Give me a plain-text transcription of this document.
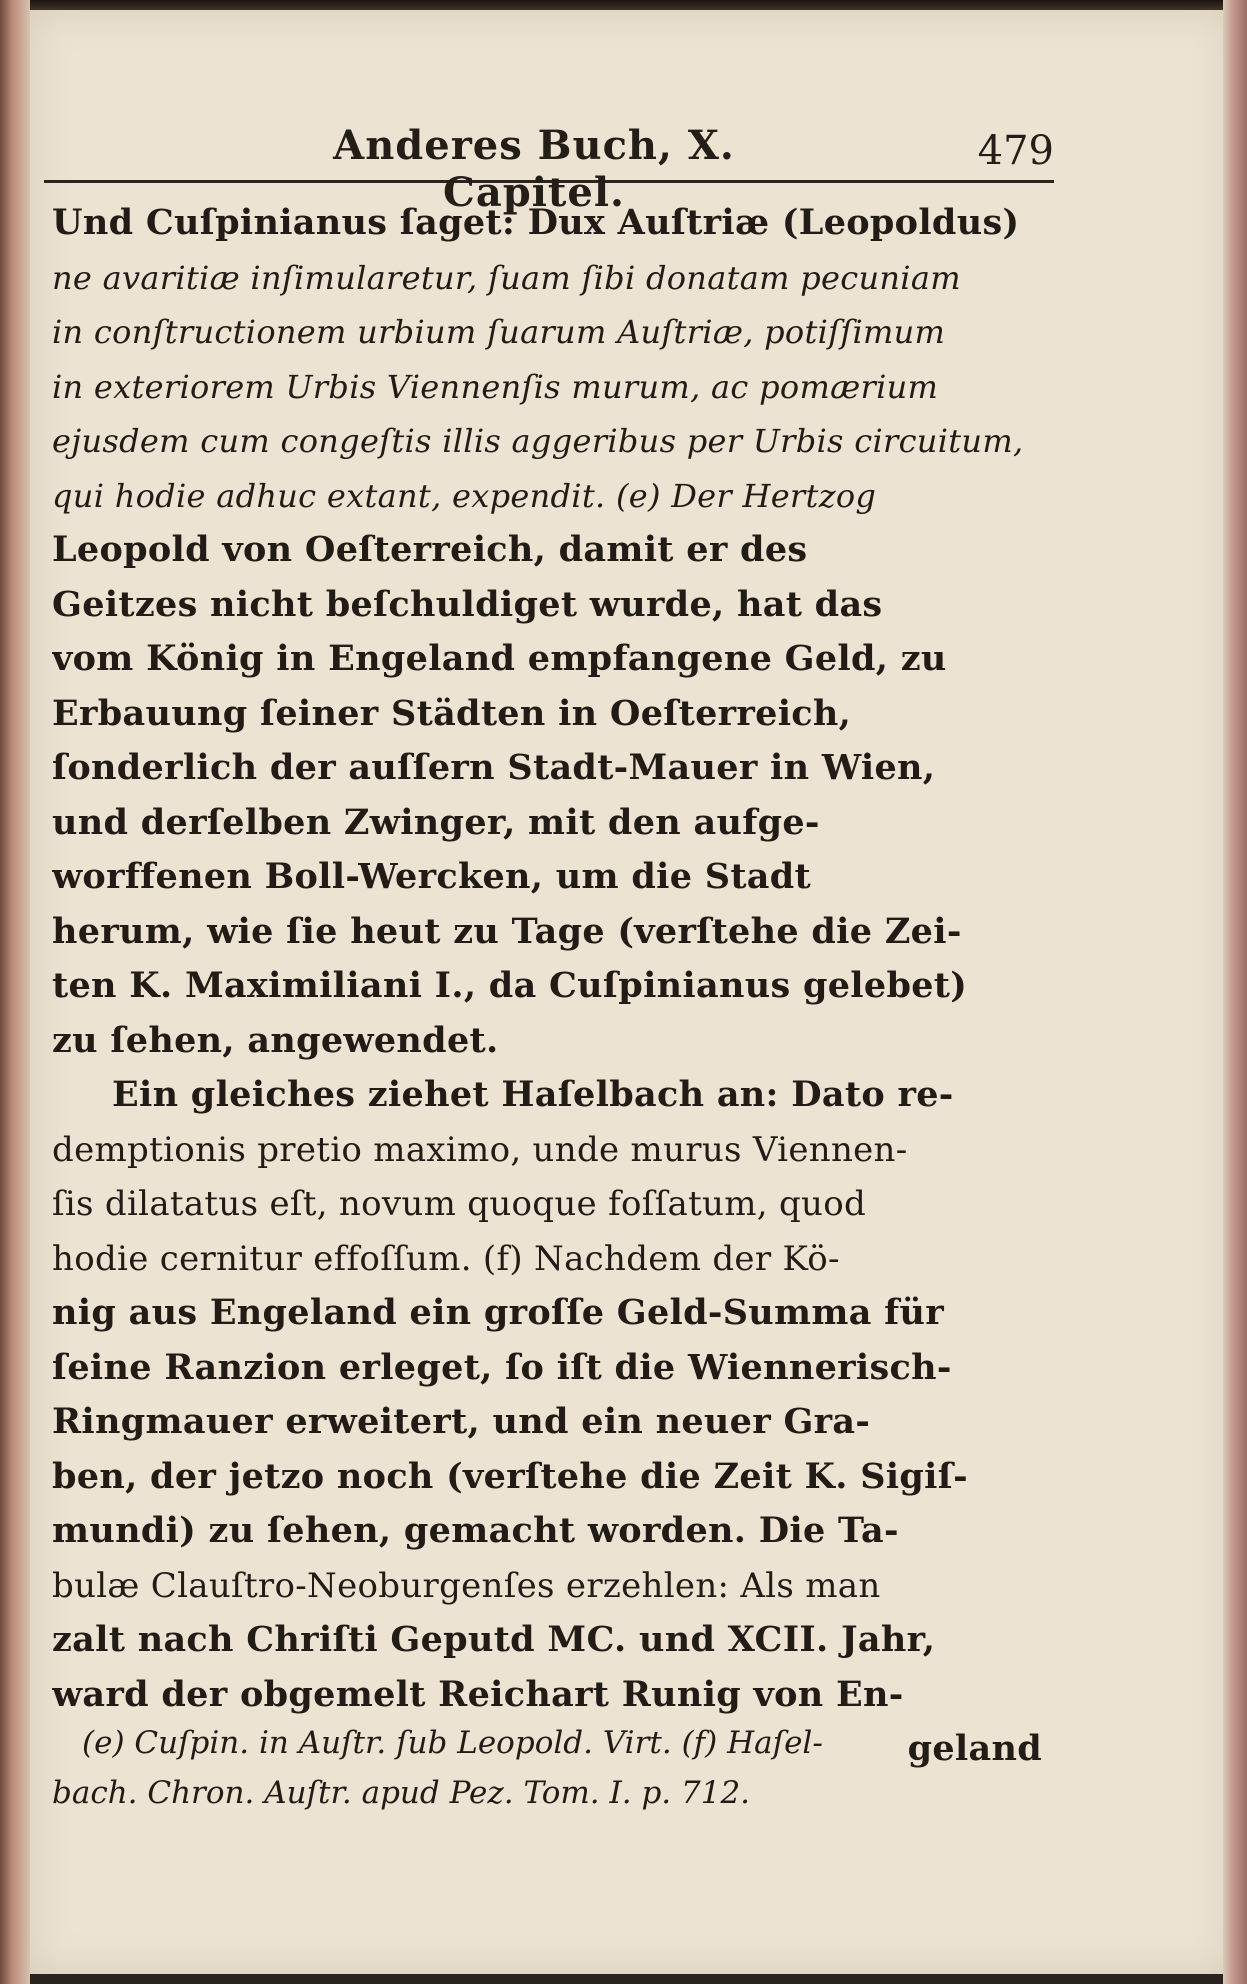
Anderes Buch, X. Capitel.
479
Und Cuſpinianus ſaget: Dux Auſtriæ (Leopoldus)
ne avaritiæ inſimularetur, ſuam ſibi donatam pecuniam
in conſtructionem urbium ſuarum Auſtriæ, potiſſimum
in exteriorem Urbis Viennenſis murum, ac pomærium
ejusdem cum congeſtis illis aggeribus per Urbis circuitum,
qui hodie adhuc extant, expendit. (e) Der Hertzog
Leopold von Oeſterreich, damit er des
Geitzes nicht beſchuldiget wurde, hat das
vom König in Engeland empfangene Geld, zu
Erbauung ſeiner Städten in Oeſterreich,
ſonderlich der auſſern Stadt-Mauer in Wien,
und derſelben Zwinger, mit den aufge-
worffenen Boll-Wercken, um die Stadt
herum, wie ſie heut zu Tage (verſtehe die Zei-
ten K. Maximiliani I., da Cuſpinianus gelebet)
zu ſehen, angewendet.
Ein gleiches ziehet Haſelbach an: Dato re-
demptionis pretio maximo, unde murus Viennen-
ſis dilatatus eſt, novum quoque foſſatum, quod
hodie cernitur effoſſum. (f) Nachdem der Kö-
nig aus Engeland ein groſſe Geld-Summa für
ſeine Ranzion erleget, ſo iſt die Wiennerisch-
Ringmauer erweitert, und ein neuer Gra-
ben, der jetzo noch (verſtehe die Zeit K. Sigiſ-
mundi) zu ſehen, gemacht worden. Die Ta-
bulæ Clauſtro-Neoburgenſes erzehlen: Als man
zalt nach Chriſti Geputd MC. und XCII. Jahr,
ward der obgemelt Reichart Runig von En-
geland
(e) Cuſpin. in Auſtr. ſub Leopold. Virt. (f) Haſel-
bach. Chron. Auſtr. apud Pez. Tom. I. p. 712.
